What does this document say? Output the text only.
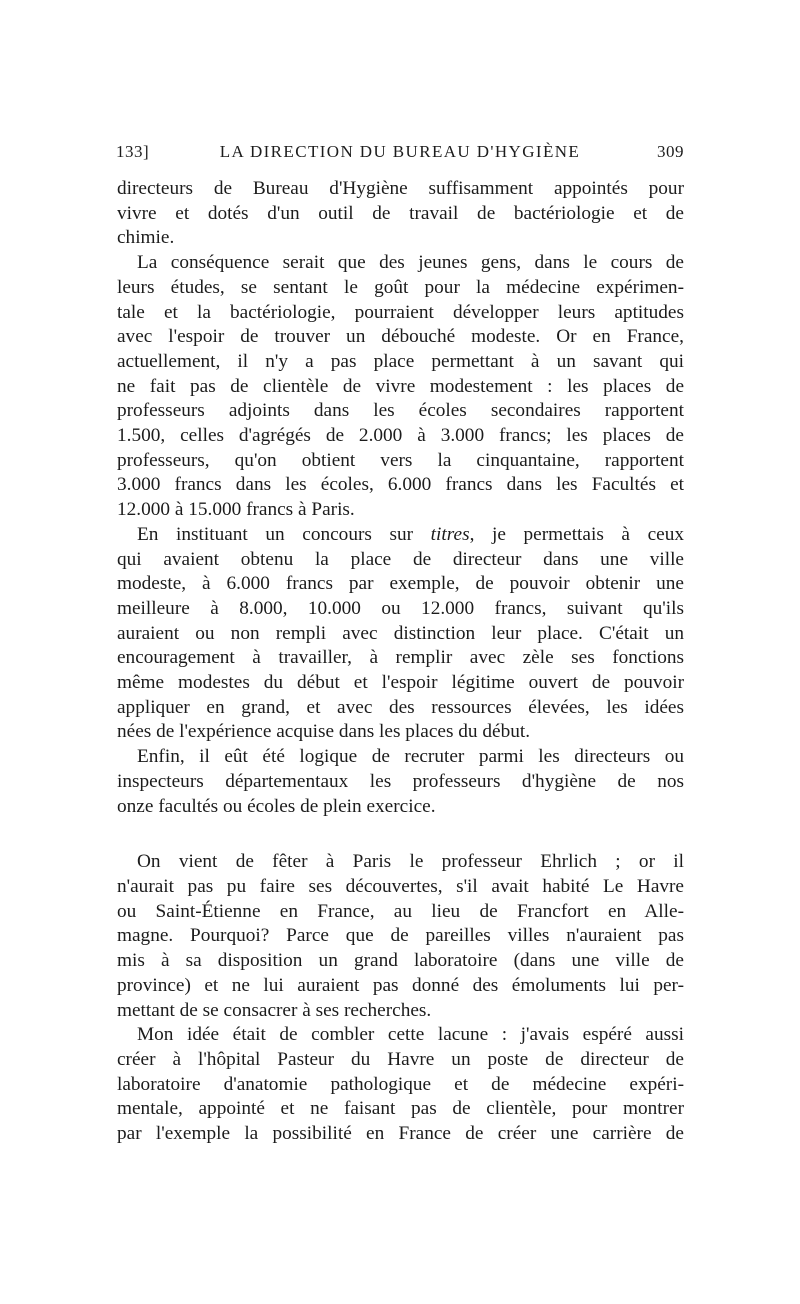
133]	LA DIRECTION DU BUREAU D'HYGIÈNE	309
directeurs de Bureau d'Hygiène suffisamment appointés pour
vivre et dotés d'un outil de travail de bactériologie et de
chimie.
La conséquence serait que des jeunes gens, dans le cours de
leurs études, se sentant le goût pour la médecine expérimen-
tale et la bactériologie, pourraient développer leurs aptitudes
avec l'espoir de trouver un débouché modeste. Or en France,
actuellement, il n'y a pas place permettant à un savant qui
ne fait pas de clientèle de vivre modestement : les places de
professeurs adjoints dans les écoles secondaires rapportent
1.500, celles d'agrégés de 2.000 à 3.000 francs; les places de
professeurs, qu'on obtient vers la cinquantaine, rapportent
3.000 francs dans les écoles, 6.000 francs dans les Facultés et
12.000 à 15.000 francs à Paris.
En instituant un concours sur titres, je permettais à ceux
qui avaient obtenu la place de directeur dans une ville
modeste, à 6.000 francs par exemple, de pouvoir obtenir une
meilleure à 8.000, 10.000 ou 12.000 francs, suivant qu'ils
auraient ou non rempli avec distinction leur place. C'était un
encouragement à travailler, à remplir avec zèle ses fonctions
même modestes du début et l'espoir légitime ouvert de pouvoir
appliquer en grand, et avec des ressources élevées, les idées
nées de l'expérience acquise dans les places du début.
Enfin, il eût été logique de recruter parmi les directeurs ou
inspecteurs départementaux les professeurs d'hygiène de nos
onze facultés ou écoles de plein exercice.
On vient de fêter à Paris le professeur Ehrlich ; or il
n'aurait pas pu faire ses découvertes, s'il avait habité Le Havre
ou Saint-Étienne en France, au lieu de Francfort en Alle-
magne. Pourquoi? Parce que de pareilles villes n'auraient pas
mis à sa disposition un grand laboratoire (dans une ville de
province) et ne lui auraient pas donné des émoluments lui per-
mettant de se consacrer à ses recherches.
Mon idée était de combler cette lacune : j'avais espéré aussi
créer à l'hôpital Pasteur du Havre un poste de directeur de
laboratoire d'anatomie pathologique et de médecine expéri-
mentale, appointé et ne faisant pas de clientèle, pour montrer
par l'exemple la possibilité en France de créer une carrière de
